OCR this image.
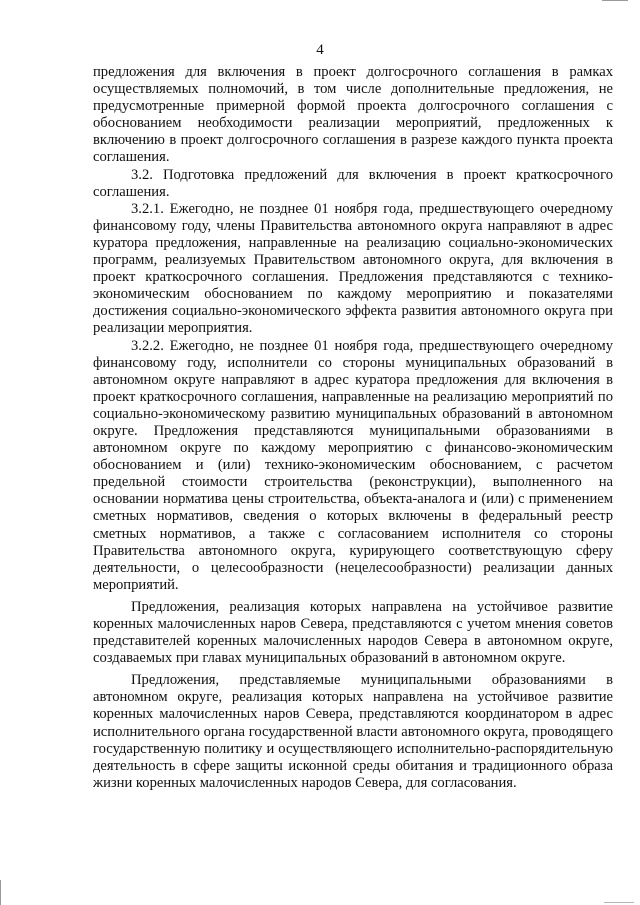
4

предложения для включения в проект долгосрочного соглашения в рамках осуществляемых полномочий, в том числе дополнительные предложения, не предусмотренные примерной формой проекта долгосрочного соглашения с обоснованием необходимости реализации мероприятий, предложенных к включению в проект долгосрочного соглашения в разрезе каждого пункта проекта соглашения.

3.2. Подготовка предложений для включения в проект краткосрочного соглашения.

3.2.1. Ежегодно, не позднее 01 ноября года, предшествующего очередному финансовому году, члены Правительства автономного округа направляют в адрес куратора предложения, направленные на реализацию социально-экономических программ, реализуемых Правительством автономного округа, для включения в проект краткосрочного соглашения. Предложения представляются с технико-экономическим обоснованием по каждому мероприятию и показателями достижения социально-экономического эффекта развития автономного округа при реализации мероприятия.

3.2.2. Ежегодно, не позднее 01 ноября года, предшествующего очередному финансовому году, исполнители со стороны муниципальных образований в автономном округе направляют в адрес куратора предложения для включения в проект краткосрочного соглашения, направленные на реализацию мероприятий по социально-экономическому развитию муниципальных образований в автономном округе. Предложения представляются муниципальными образованиями в автономном округе по каждому мероприятию с финансово-экономическим обоснованием и (или) технико-экономическим обоснованием, с расчетом предельной стоимости строительства (реконструкции), выполненного на основании норматива цены строительства, объекта-аналога и (или) с применением сметных нормативов, сведения о которых включены в федеральный реестр сметных нормативов, а также с согласованием исполнителя со стороны Правительства автономного округа, курирующего соответствующую сферу деятельности, о целесообразности (нецелесообразности) реализации данных мероприятий.

Предложения, реализация которых направлена на устойчивое развитие коренных малочисленных наров Севера, представляются с учетом мнения советов представителей коренных малочисленных народов Севера в автономном округе, создаваемых при главах муниципальных образований в автономном округе.

Предложения, представляемые муниципальными образованиями в автономном округе, реализация которых направлена на устойчивое развитие коренных малочисленных наров Севера, представляются координатором в адрес исполнительного органа государственной власти автономного округа, проводящего государственную политику и осуществляющего исполнительно-распорядительную деятельность в сфере защиты исконной среды обитания и традиционного образа жизни коренных малочисленных народов Севера, для согласования.
